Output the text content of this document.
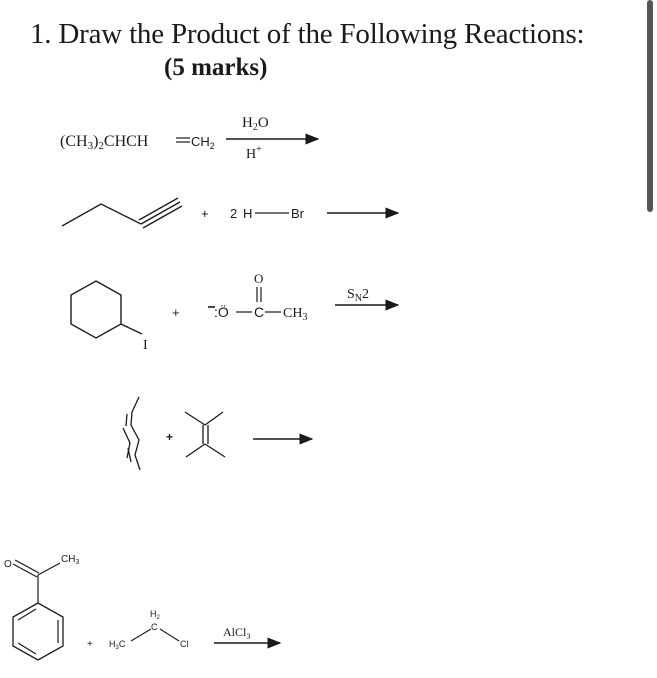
1. Draw the Product of the Following Reactions:
(5 marks)
(CH3)2CHCH	$CH_2$
$H_2O$
H+
+ 2 H	Br
I
+
O
:Ö C $CH_3$
$S_N2$
+
O	$CH_3$
+ $H_3C$
$H_2$
C
Cl
AlCl$_3$
